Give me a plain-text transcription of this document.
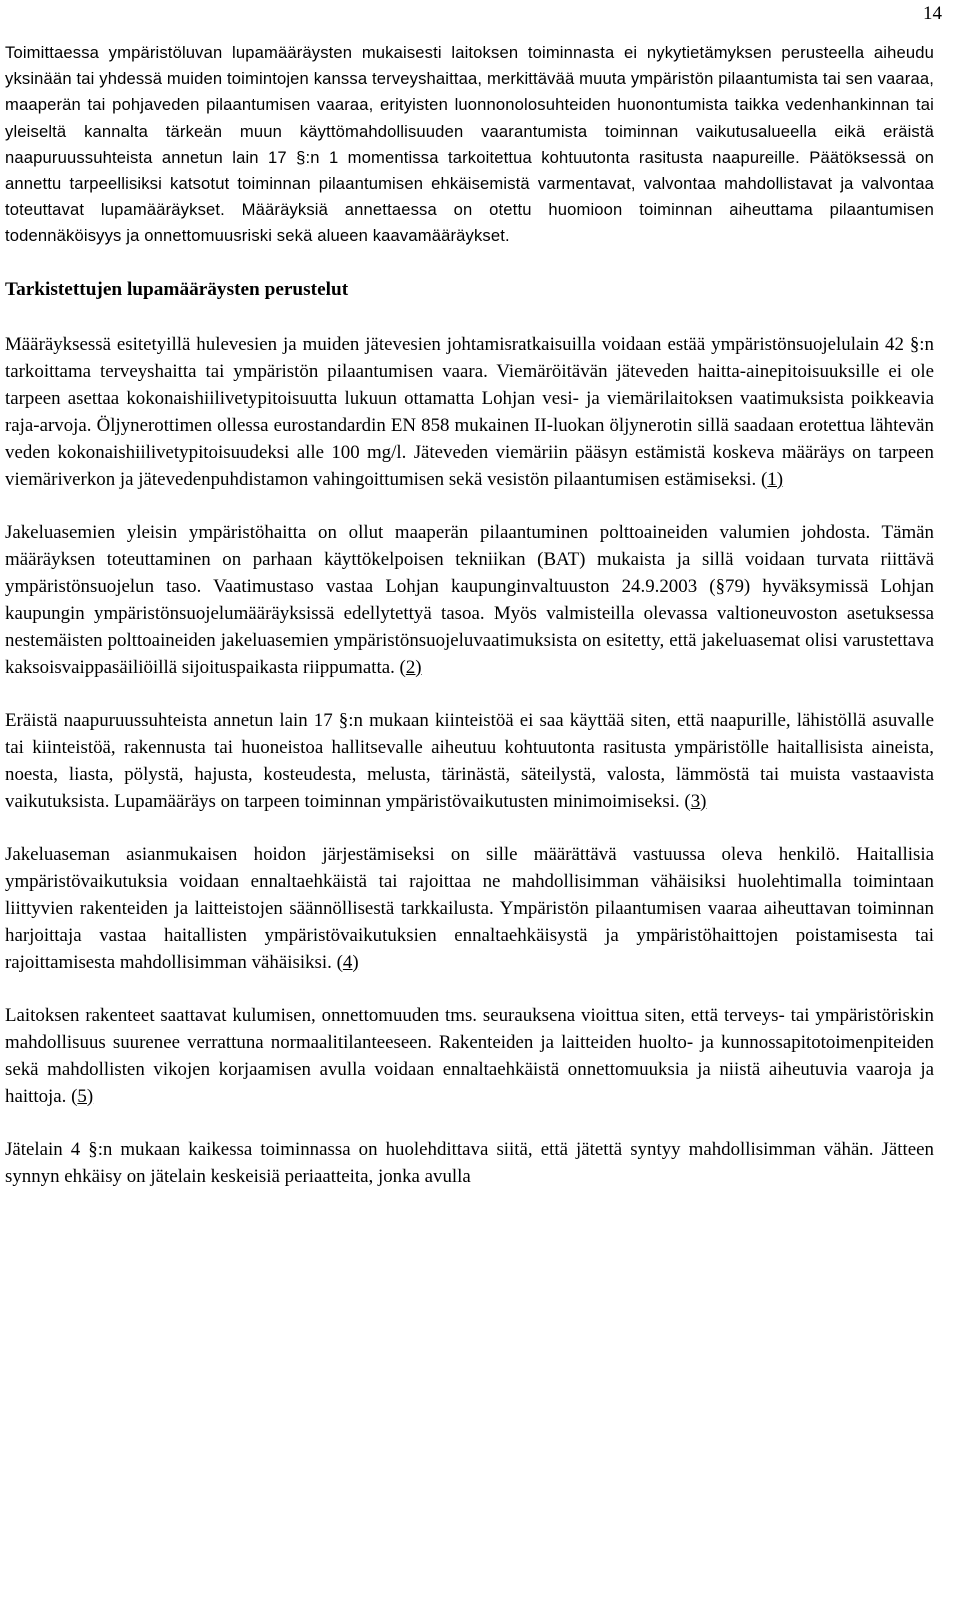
14

Toimittaessa ympäristöluvan lupamääräysten mukaisesti laitoksen toiminnasta ei nykytietämyksen perusteella aiheudu yksinään tai yhdessä muiden toimintojen kanssa terveyshaittaa, merkittävää muuta ympäristön pilaantumista tai sen vaaraa, maaperän tai pohjaveden pilaantumisen vaaraa, erityisten luonnonolosuhteiden huonontumista taikka vedenhankinnan tai yleiseltä kannalta tärkeän muun käyttömahdollisuuden vaarantumista toiminnan vaikutusalueella eikä eräistä naapuruussuhteista annetun lain 17 §:n 1 momentissa tarkoitettua kohtuutonta rasitusta naapureille. Päätöksessä on annettu tarpeellisiksi katsotut toiminnan pilaantumisen ehkäisemistä varmentavat, valvontaa mahdollistavat ja valvontaa toteuttavat lupamääräykset. Määräyksiä annettaessa on otettu huomioon toiminnan aiheuttama pilaantumisen todennäköisyys ja onnettomuusriski sekä alueen kaavamääräykset.

Tarkistettujen lupamääräysten perustelut

Määräyksessä esitetyillä hulevesien ja muiden jätevesien johtamisratkaisuilla voidaan estää ympäristönsuojelulain 42 §:n tarkoittama terveyshaitta tai ympäristön pilaantumisen vaara. Viemäröitävän jäteveden haitta-ainepitoisuuksille ei ole tarpeen asettaa kokonaishiilivetypitoisuutta lukuun ottamatta Lohjan vesi- ja viemärilaitoksen vaatimuksista poikkeavia raja-arvoja. Öljynerottimen ollessa eurostandardin EN 858 mukainen II-luokan öljynerotin sillä saadaan erotettua lähtevän veden kokonaishiilivetypitoisuudeksi alle 100 mg/l. Jäteveden viemäriin pääsyn estämistä koskeva määräys on tarpeen viemäriverkon ja jätevedenpuhdistamon vahingoittumisen sekä vesistön pilaantumisen estämiseksi. (1)

Jakeluasemien yleisin ympäristöhaitta on ollut maaperän pilaantuminen polttoaineiden valumien johdosta. Tämän määräyksen toteuttaminen on parhaan käyttökelpoisen tekniikan (BAT) mukaista ja sillä voidaan turvata riittävä ympäristönsuojelun taso. Vaatimustaso vastaa Lohjan kaupunginvaltuuston 24.9.2003 (§79) hyväksymissä Lohjan kaupungin ympäristönsuojelumääräyksissä edellytettyä tasoa. Myös valmisteilla olevassa valtioneuvoston asetuksessa nestemäisten polttoaineiden jakeluasemien ympäristönsuojeluvaatimuksista on esitetty, että jakeluasemat olisi varustettava kaksoisvaippasäiliöillä sijoituspaikasta riippumatta. (2)

Eräistä naapuruussuhteista annetun lain 17 §:n mukaan kiinteistöä ei saa käyttää siten, että naapurille, lähistöllä asuvalle tai kiinteistöä, rakennusta tai huoneistoa hallitsevalle aiheutuu kohtuutonta rasitusta ympäristölle haitallisista aineista, noesta, liasta, pölystä, hajusta, kosteudesta, melusta, tärinästä, säteilystä, valosta, lämmöstä tai muista vastaavista vaikutuksista. Lupamääräys on tarpeen toiminnan ympäristövaikutusten minimoimiseksi. (3)

Jakeluaseman asianmukaisen hoidon järjestämiseksi on sille määrättävä vastuussa oleva henkilö. Haitallisia ympäristövaikutuksia voidaan ennaltaehkäistä tai rajoittaa ne mahdollisimman vähäisiksi huolehtimalla toimintaan liittyvien rakenteiden ja laitteistojen säännöllisestä tarkkailusta. Ympäristön pilaantumisen vaaraa aiheuttavan toiminnan harjoittaja vastaa haitallisten ympäristövaikutuksien ennaltaehkäisystä ja ympäristöhaittojen poistamisesta tai rajoittamisesta mahdollisimman vähäisiksi. (4)

Laitoksen rakenteet saattavat kulumisen, onnettomuuden tms. seurauksena vioittua siten, että terveys- tai ympäristöriskin mahdollisuus suurenee verrattuna normaalitilanteeseen. Rakenteiden ja laitteiden huolto- ja kunnossapitotoimenpiteiden sekä mahdollisten vikojen korjaamisen avulla voidaan ennaltaehkäistä onnettomuuksia ja niistä aiheutuvia vaaroja ja haittoja. (5)

Jätelain 4 §:n mukaan kaikessa toiminnassa on huolehdittava siitä, että jätettä syntyy mahdollisimman vähän. Jätteen synnyn ehkäisy on jätelain keskeisiä periaatteita, jonka avulla
